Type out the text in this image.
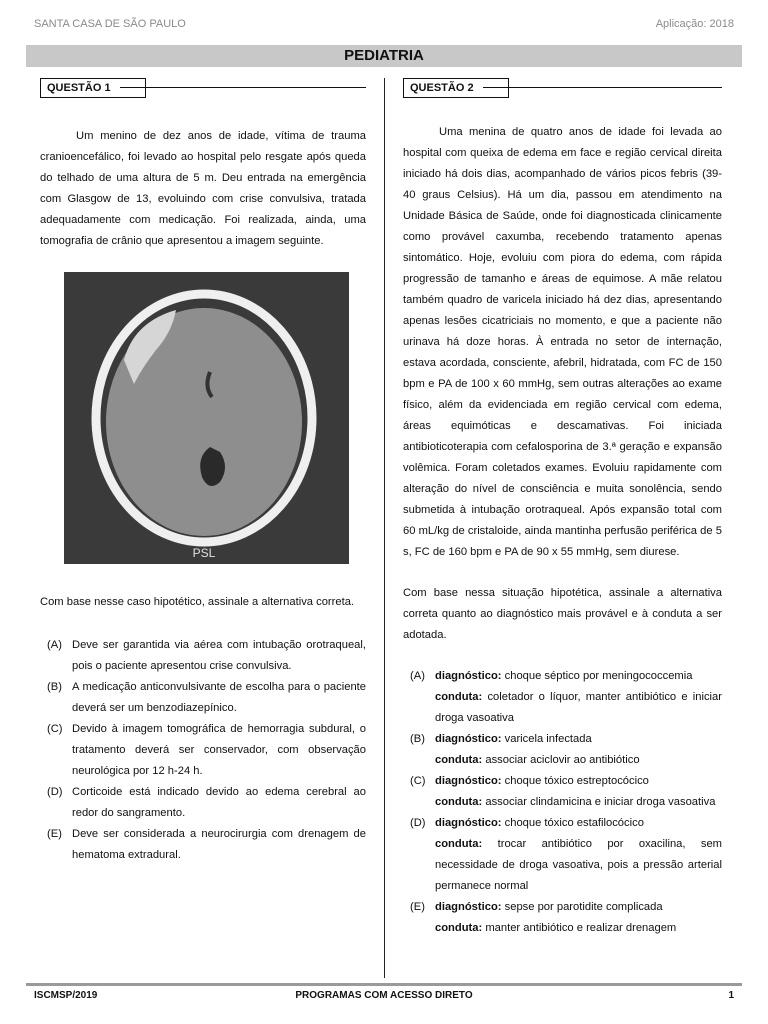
SANTA CASA DE SÃO PAULO	Aplicação: 2018
PEDIATRIA
QUESTÃO 1

Um menino de dez anos de idade, vítima de trauma cranioencefálico, foi levado ao hospital pelo resgate após queda do telhado de uma altura de 5 m. Deu entrada na emergência com Glasgow de 13, evoluindo com crise convulsiva, tratada adequadamente com medicação. Foi realizada, ainda, uma tomografia de crânio que apresentou a imagem seguinte.

PSL

Com base nesse caso hipotético, assinale a alternativa correta.

(A) Deve ser garantida via aérea com intubação orotraqueal, pois o paciente apresentou crise convulsiva.
(B) A medicação anticonvulsivante de escolha para o paciente deverá ser um benzodiazepínico.
(C) Devido à imagem tomográfica de hemorragia subdural, o tratamento deverá ser conservador, com observação neurológica por 12 h-24 h.
(D) Corticoide está indicado devido ao edema cerebral ao redor do sangramento.
(E) Deve ser considerada a neurocirurgia com drenagem de hematoma extradural.
QUESTÃO 2

Uma menina de quatro anos de idade foi levada ao hospital com queixa de edema em face e região cervical direita iniciado há dois dias, acompanhado de vários picos febris (39-40 graus Celsius). Há um dia, passou em atendimento na Unidade Básica de Saúde, onde foi diagnosticada clinicamente como provável caxumba, recebendo tratamento apenas sintomático. Hoje, evoluiu com piora do edema, com rápida progressão de tamanho e áreas de equimose. A mãe relatou também quadro de varicela iniciado há dez dias, apresentando apenas lesões cicatriciais no momento, e que a paciente não urinava há doze horas. À entrada no setor de internação, estava acordada, consciente, afebril, hidratada, com FC de 150 bpm e PA de 100 x 60 mmHg, sem outras alterações ao exame físico, além da evidenciada em região cervical com edema, áreas equimóticas e descamativas. Foi iniciada antibioticoterapia com cefalosporina de 3.ª geração e expansão volêmica. Foram coletados exames. Evoluiu rapidamente com alteração do nível de consciência e muita sonolência, sendo submetida à intubação orotraqueal. Após expansão total com 60 mL/kg de cristaloide, ainda mantinha perfusão periférica de 5 s, FC de 160 bpm e PA de 90 x 55 mmHg, sem diurese.

Com base nessa situação hipotética, assinale a alternativa correta quanto ao diagnóstico mais provável e à conduta a ser adotada.

(A) diagnóstico: choque séptico por meningococcemia
conduta: coletador o líquor, manter antibiótico e iniciar droga vasoativa
(B) diagnóstico: varicela infectada
conduta: associar aciclovir ao antibiótico
(C) diagnóstico: choque tóxico estreptocócico
conduta: associar clindamicina e iniciar droga vasoativa
(D) diagnóstico: choque tóxico estafilocócico
conduta: trocar antibiótico por oxacilina, sem necessidade de droga vasoativa, pois a pressão arterial permanece normal
(E) diagnóstico: sepse por parotidite complicada
conduta: manter antibiótico e realizar drenagem
ISCMSP/2019	PROGRAMAS COM ACESSO DIRETO	1
